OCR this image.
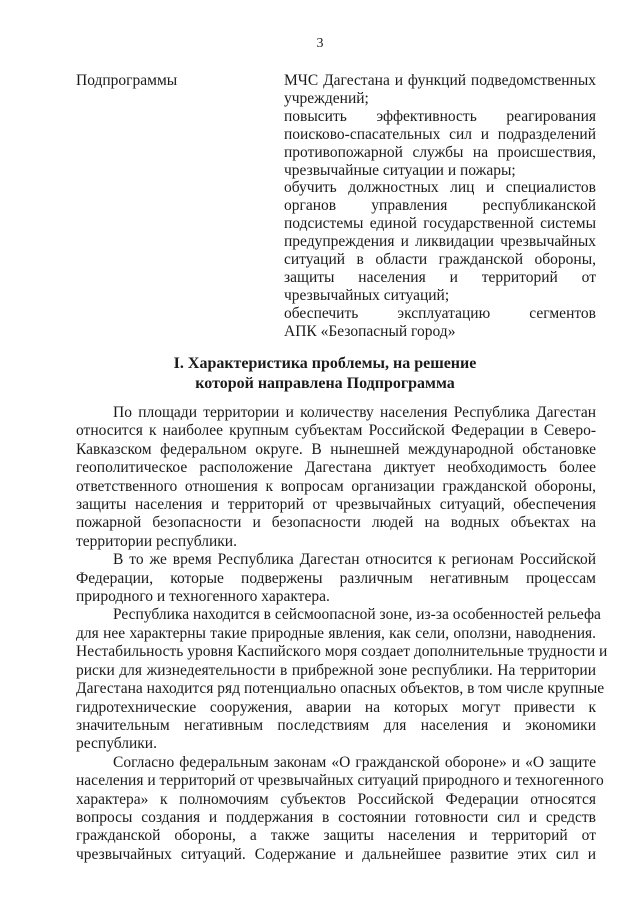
3
Подпрограммы	МЧС Дагестана и функций подведомственных
учреждений;
повысить эффективность реагирования
поисково-спасательных сил и подразделений
противопожарной службы на происшествия,
чрезвычайные ситуации и пожары;
обучить должностных лиц и специалистов
органов управления республиканской
подсистемы единой государственной системы
предупреждения и ликвидации чрезвычайных
ситуаций в области гражданской обороны,
защиты населения и территорий от
чрезвычайных ситуаций;
обеспечить эксплуатацию сегментов
АПК «Безопасный город»
I. Характеристика проблемы, на решение
которой направлена Подпрограмма
По площади территории и количеству населения Республика Дагестан
относится к наиболее крупным субъектам Российской Федерации в Северо-
Кавказском федеральном округе. В нынешней международной обстановке
геополитическое расположение Дагестана диктует необходимость более
ответственного отношения к вопросам организации гражданской обороны,
защиты населения и территорий от чрезвычайных ситуаций, обеспечения
пожарной безопасности и безопасности людей на водных объектах на
территории республики.
В то же время Республика Дагестан относится к регионам Российской
Федерации, которые подвержены различным негативным процессам
природного и техногенного характера.
Республика находится в сейсмоопасной зоне, из-за особенностей рельефа
для нее характерны такие природные явления, как сели, оползни, наводнения.
Нестабильность уровня Каспийского моря создает дополнительные трудности и
риски для жизнедеятельности в прибрежной зоне республики. На территории
Дагестана находится ряд потенциально опасных объектов, в том числе крупные
гидротехнические сооружения, аварии на которых могут привести к
значительным негативным последствиям для населения и экономики
республики.
Согласно федеральным законам «О гражданской обороне» и «О защите
населения и территорий от чрезвычайных ситуаций природного и техногенного
характера» к полномочиям субъектов Российской Федерации относятся
вопросы создания и поддержания в состоянии готовности сил и средств
гражданской обороны, а также защиты населения и территорий от
чрезвычайных ситуаций. Содержание и дальнейшее развитие этих сил и
